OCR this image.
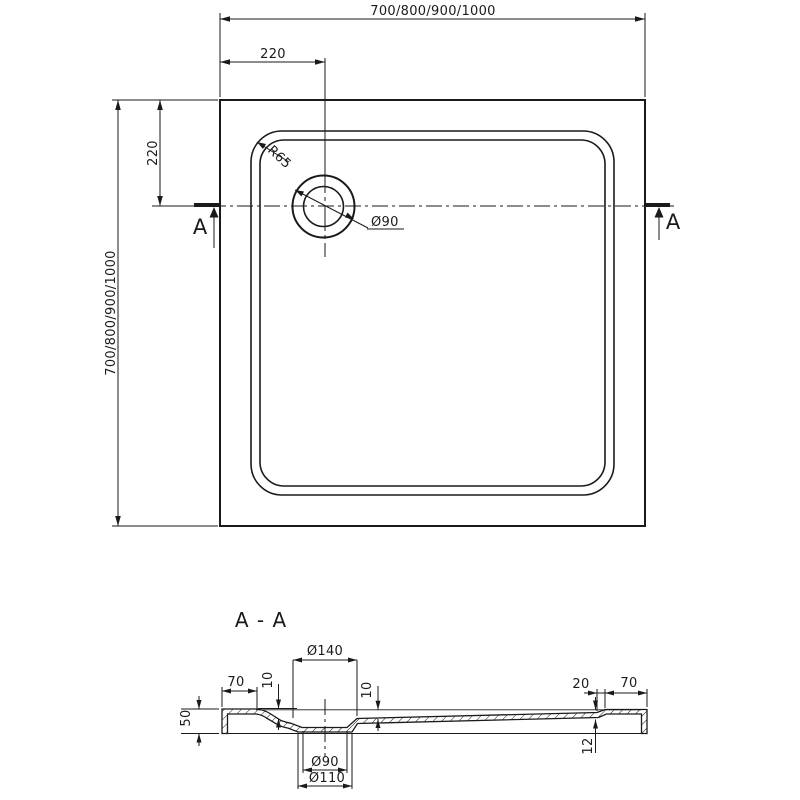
700/800/900/1000
220
220
700/800/900/1000
R65
Ø90
A	A
A - A
Ø140
70 10
10	20 70
50
12
Ø90
Ø110
